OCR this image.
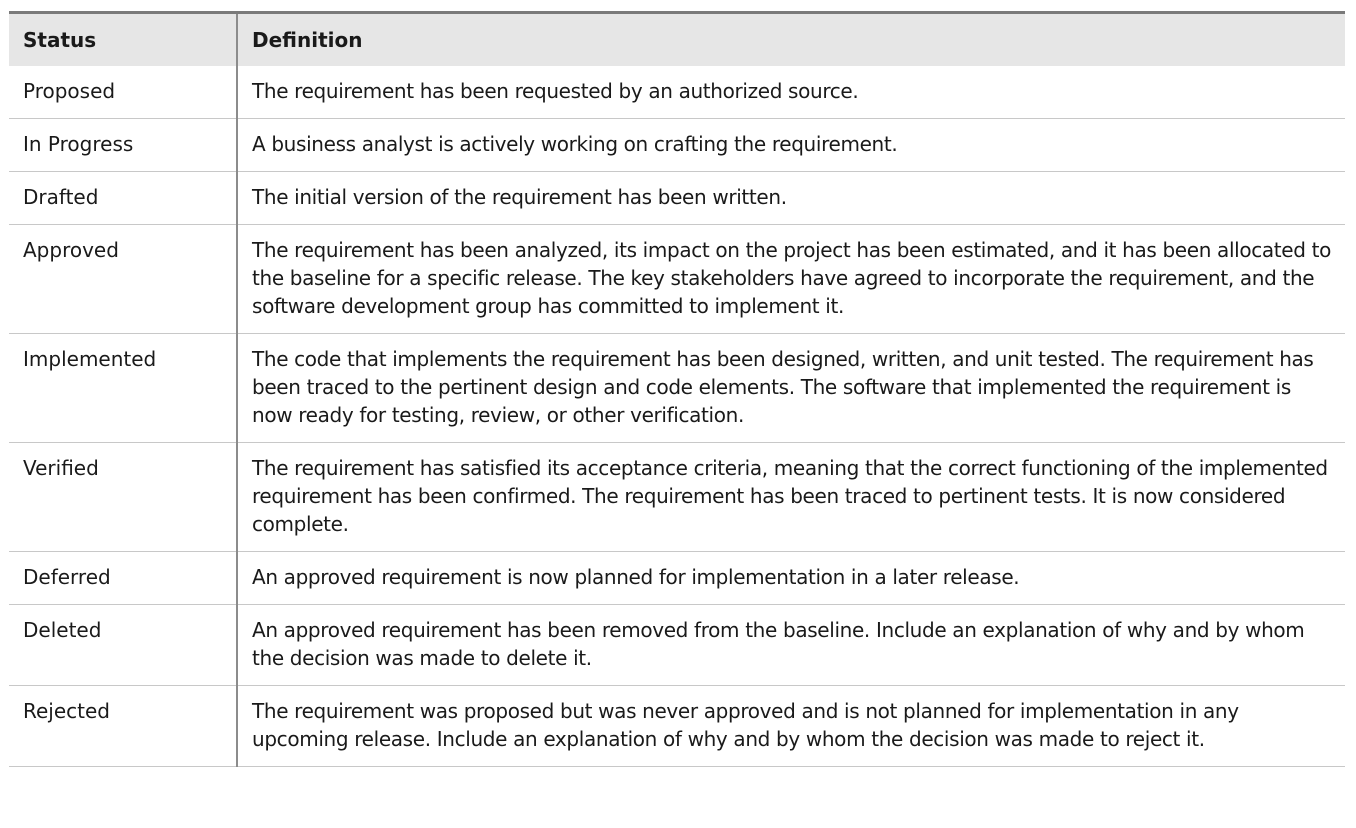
Status	Definition
Proposed	The requirement has been requested by an authorized source.
In Progress	A business analyst is actively working on crafting the requirement.
Drafted	The initial version of the requirement has been written.
Approved	The requirement has been analyzed, its impact on the project has been estimated, and it has been allocated to the baseline for a specific release. The key stakeholders have agreed to incorporate the requirement, and the software development group has committed to implement it.
Implemented	The code that implements the requirement has been designed, written, and unit tested. The requirement has been traced to the pertinent design and code elements. The software that implemented the requirement is now ready for testing, review, or other verification.
Verified	The requirement has satisfied its acceptance criteria, meaning that the correct functioning of the implemented requirement has been confirmed. The requirement has been traced to pertinent tests. It is now considered complete.
Deferred	An approved requirement is now planned for implementation in a later release.
Deleted	An approved requirement has been removed from the baseline. Include an explanation of why and by whom the decision was made to delete it.
Rejected	The requirement was proposed but was never approved and is not planned for implementation in any upcoming release. Include an explanation of why and by whom the decision was made to reject it.
